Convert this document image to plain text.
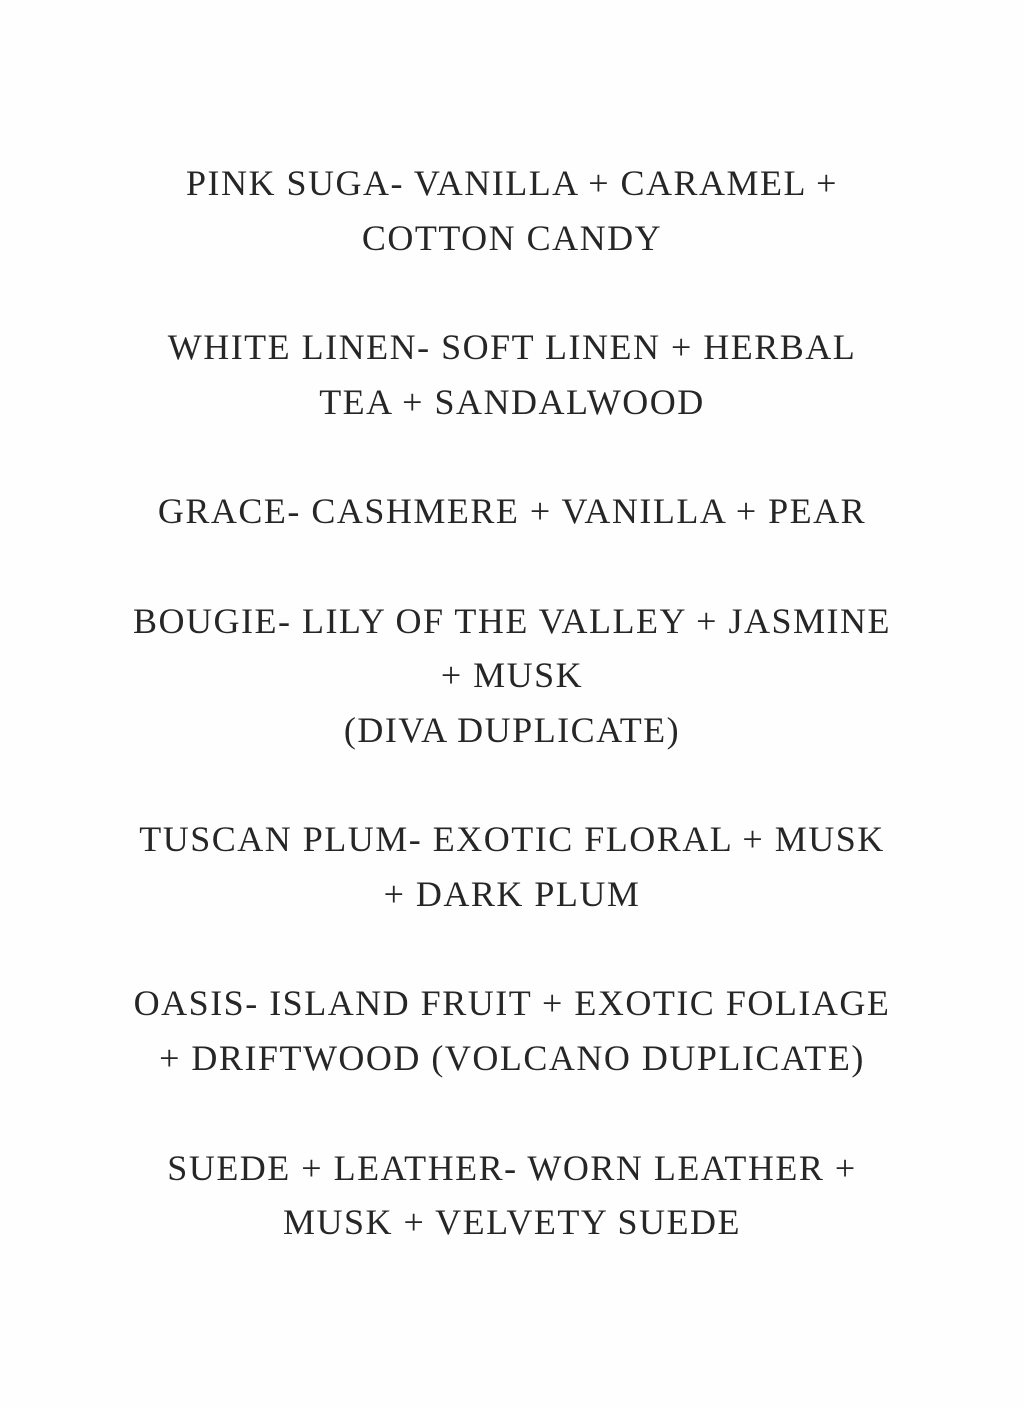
PINK SUGA- VANILLA + CARAMEL +
COTTON CANDY
WHITE LINEN- SOFT LINEN + HERBAL
TEA + SANDALWOOD
GRACE- CASHMERE + VANILLA + PEAR
BOUGIE- LILY OF THE VALLEY + JASMINE
+ MUSK
(DIVA DUPLICATE)
TUSCAN PLUM- EXOTIC FLORAL + MUSK
+ DARK PLUM
OASIS- ISLAND FRUIT + EXOTIC FOLIAGE
+ DRIFTWOOD (VOLCANO DUPLICATE)
SUEDE + LEATHER- WORN LEATHER +
MUSK + VELVETY SUEDE
